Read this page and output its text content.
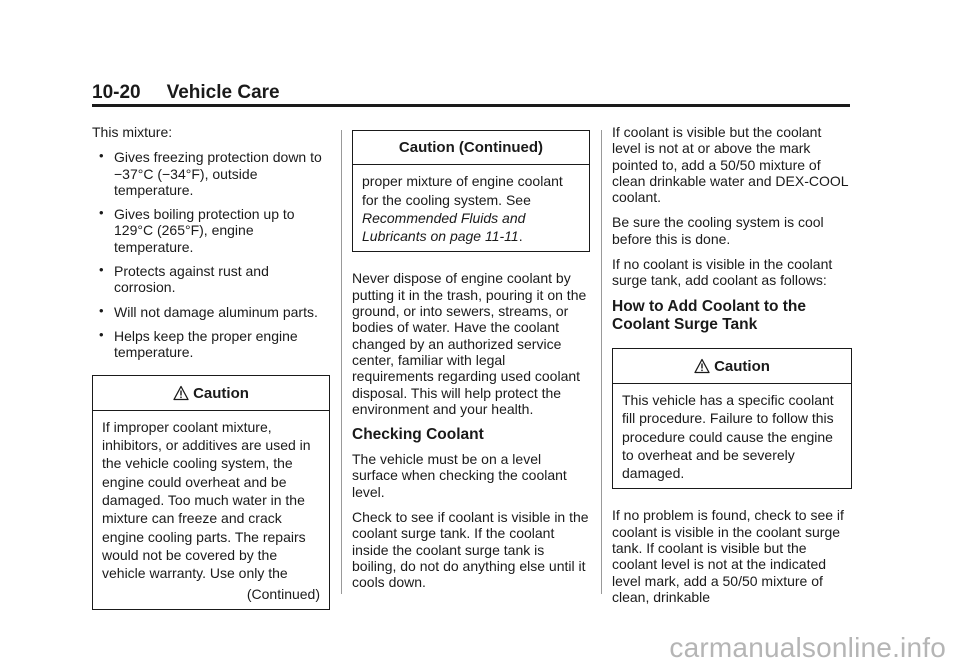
10-20 Vehicle Care

This mixture:

• Gives freezing protection down to −37°C (−34°F), outside temperature.
• Gives boiling protection up to 129°C (265°F), engine temperature.
• Protects against rust and corrosion.
• Will not damage aluminum parts.
• Helps keep the proper engine temperature.
Caution

If improper coolant mixture, inhibitors, or additives are used in the vehicle cooling system, the engine could overheat and be damaged. Too much water in the mixture can freeze and crack engine cooling parts. The repairs would not be covered by the vehicle warranty. Use only the

(Continued)
Caution (Continued)

proper mixture of engine coolant for the cooling system. See Recommended Fluids and Lubricants on page 11-11.

Never dispose of engine coolant by putting it in the trash, pouring it on the ground, or into sewers, streams, or bodies of water. Have the coolant changed by an authorized service center, familiar with legal requirements regarding used coolant disposal. This will help protect the environment and your health.

Checking Coolant

The vehicle must be on a level surface when checking the coolant level.

Check to see if coolant is visible in the coolant surge tank. If the coolant inside the coolant surge tank is boiling, do not do anything else until it cools down.

If coolant is visible but the coolant level is not at or above the mark pointed to, add a 50/50 mixture of clean drinkable water and DEX-COOL coolant.

Be sure the cooling system is cool before this is done.

If no coolant is visible in the coolant surge tank, add coolant as follows:

How to Add Coolant to the Coolant Surge Tank
Caution

This vehicle has a specific coolant fill procedure. Failure to follow this procedure could cause the engine to overheat and be severely damaged.

If no problem is found, check to see if coolant is visible in the coolant surge tank. If coolant is visible but the coolant level is not at the indicated level mark, add a 50/50 mixture of clean, drinkable

carmanualsonline.info
